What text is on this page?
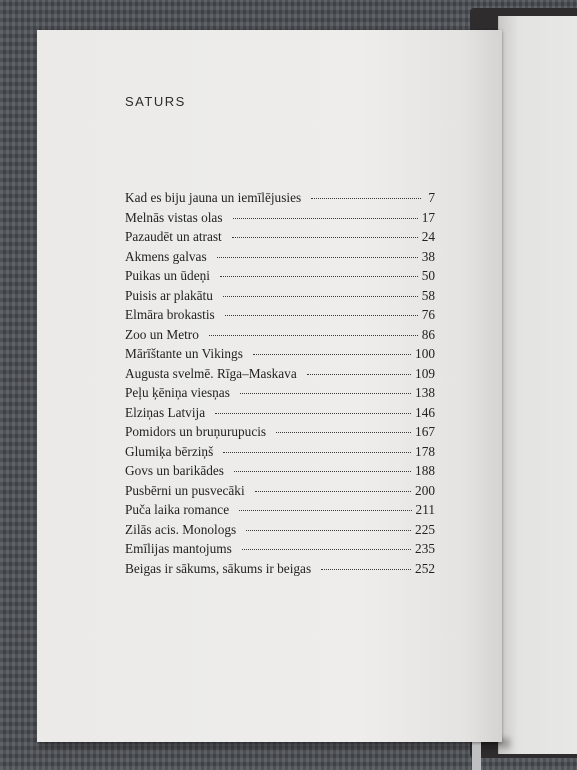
SATURS
Kad es biju jauna un iemīlējusies	7
Melnās vistas olas	17
Pazaudēt un atrast	24
Akmens galvas	38
Puikas un ūdeņi	50
Puisis ar plakātu	58
Elmāra brokastis	76
Zoo un Metro	86
Mārīštante un Vikings	100
Augusta svelmē. Rīga–Maskava	109
Peļu ķēniņa viesņas	138
Elziņas Latvija	146
Pomidors un bruņurupucis	167
Glumiķa bērziņš	178
Govs un barikādes	188
Pusbērni un pusvecāki	200
Puča laika romance	211
Zilās acis. Monologs	225
Emīlijas mantojums	235
Beigas ir sākums, sākums ir beigas	252
